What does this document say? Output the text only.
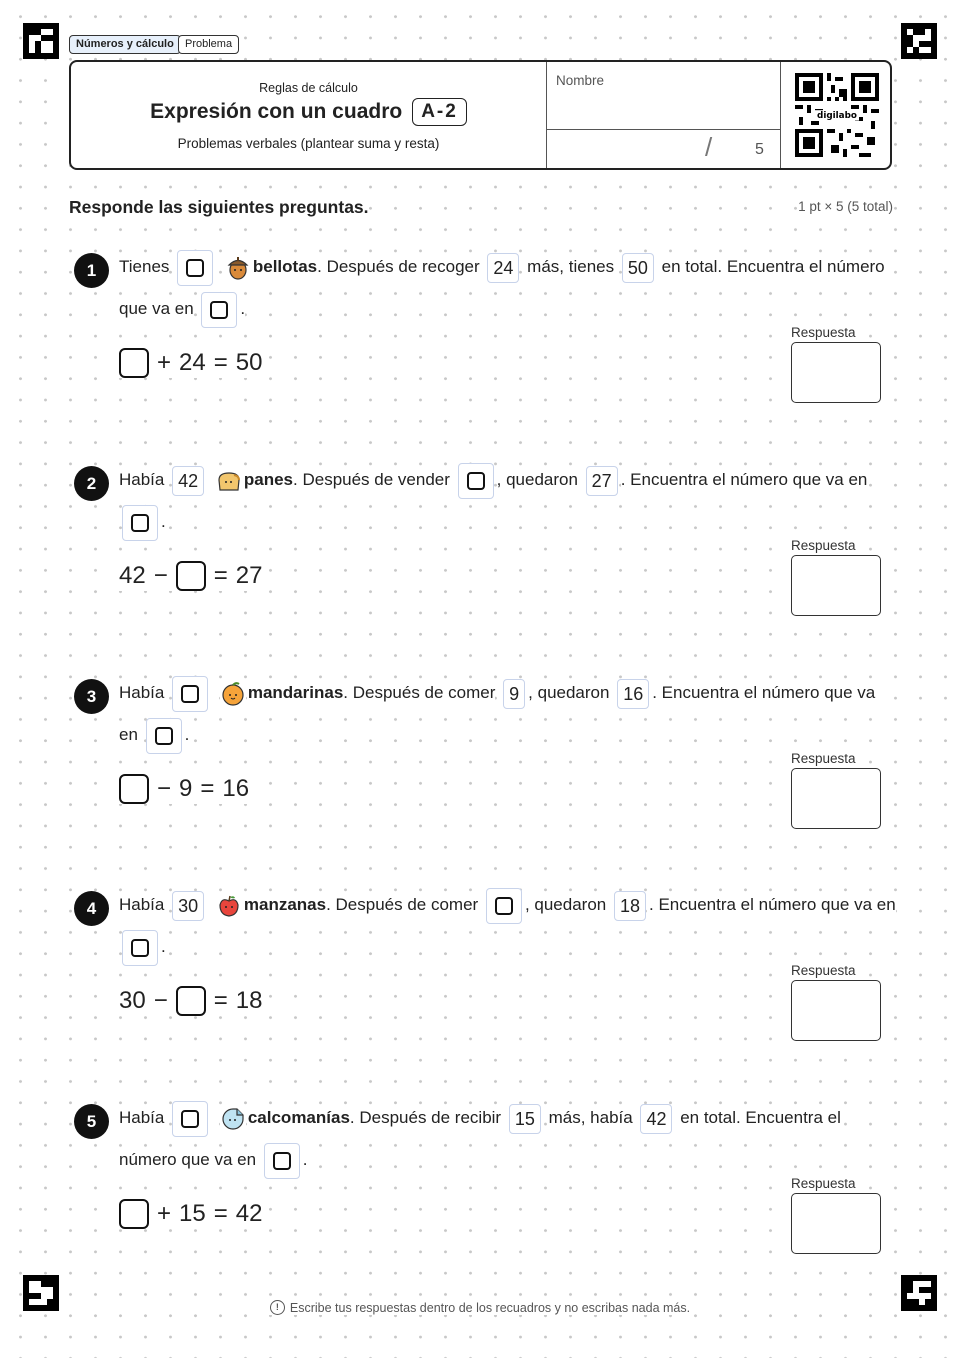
Números y cálculo	Problema
Reglas de cálculo
Expresión con un cuadro	A-2
Problemas verbales (plantear suma y resta)
Nombre
/	5
digilabo
Responde las siguientes preguntas.	1 pt × 5 (5 total)
1	Tienes	bellotas. Después de recoger 24 más, tienes 50 en total. Encuentra el número
que va en	.
+ 24 = 50
Respuesta
2	Había 42	panes. Después de vender	, quedaron 27 . Encuentra el número que va en
.
42 − = 27
Respuesta
3	Había	mandarinas. Después de comer 9 , quedaron 16 . Encuentra el número que va
en	.
− 9 = 16
Respuesta
4	Había 30	manzanas. Después de comer	, quedaron 18 . Encuentra el número que va en
.
30 − = 18
Respuesta
5	Había	calcomanías. Después de recibir 15 más, había 42 en total. Encuentra el
número que va en	.
+ 15 = 42
Respuesta
! Escribe tus respuestas dentro de los recuadros y no escribas nada más.
